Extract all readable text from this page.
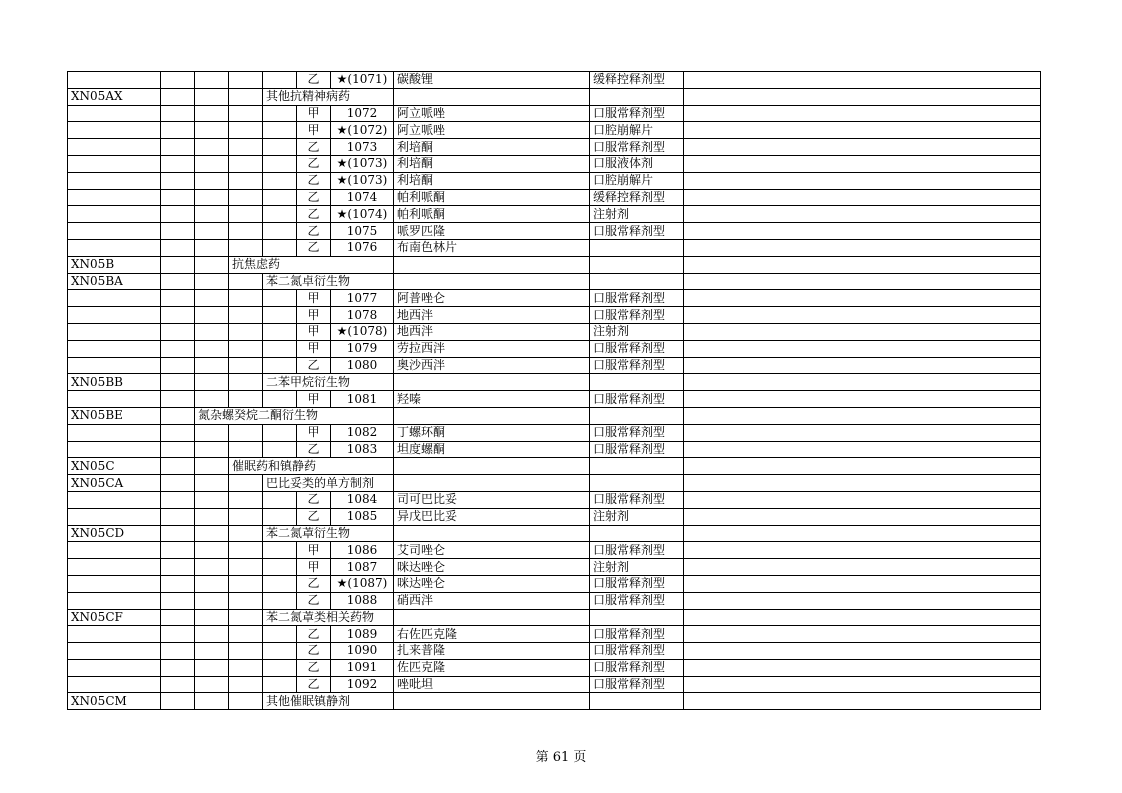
					乙	★(1071)	碳酸锂	缓释控释剂型	
XN05AX				其他抗精神病药					
					甲	1072	阿立哌唑	口服常释剂型	
					甲	★(1072)	阿立哌唑	口腔崩解片	
					乙	1073	利培酮	口服常释剂型	
					乙	★(1073)	利培酮	口服液体剂	
					乙	★(1073)	利培酮	口腔崩解片	
					乙	1074	帕利哌酮	缓释控释剂型	
					乙	★(1074)	帕利哌酮	注射剂	
					乙	1075	哌罗匹隆	口服常释剂型	
					乙	1076	布南色林片		
XN05B			抗焦虑药						
XN05BA				苯二氮卓衍生物					
					甲	1077	阿普唑仑	口服常释剂型	
					甲	1078	地西泮	口服常释剂型	
					甲	★(1078)	地西泮	注射剂	
					甲	1079	劳拉西泮	口服常释剂型	
					乙	1080	奥沙西泮	口服常释剂型	
XN05BB				二苯甲烷衍生物					
					甲	1081	羟嗪	口服常释剂型	
XN05BE		氮杂螺癸烷二酮衍生物							
					甲	1082	丁螺环酮	口服常释剂型	
					乙	1083	坦度螺酮	口服常释剂型	
XN05C			催眠药和镇静药						
XN05CA				巴比妥类的单方制剂					
					乙	1084	司可巴比妥	口服常释剂型	
					乙	1085	异戊巴比妥	注射剂	
XN05CD				苯二氮䓬衍生物					
					甲	1086	艾司唑仑	口服常释剂型	
					甲	1087	咪达唑仑	注射剂	
					乙	★(1087)	咪达唑仑	口服常释剂型	
					乙	1088	硝西泮	口服常释剂型	
XN05CF				苯二氮䓬类相关药物					
					乙	1089	右佐匹克隆	口服常释剂型	
					乙	1090	扎来普隆	口服常释剂型	
					乙	1091	佐匹克隆	口服常释剂型	
					乙	1092	唑吡坦	口服常释剂型	
XN05CM				其他催眠镇静剂					
第 61 页
